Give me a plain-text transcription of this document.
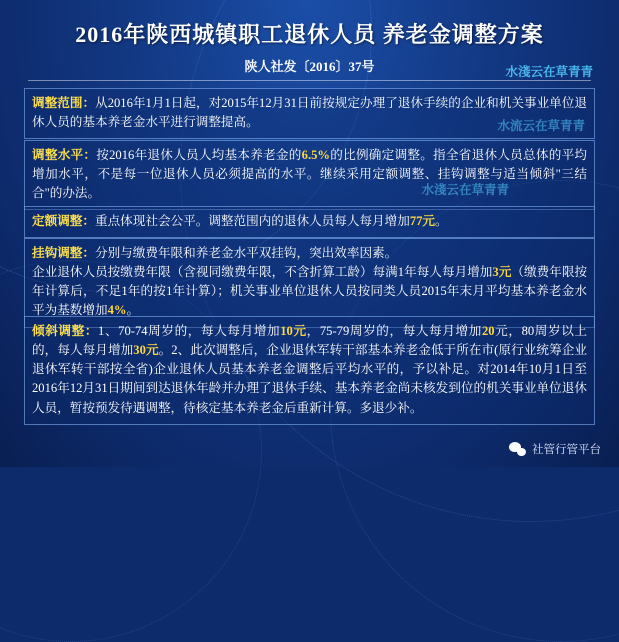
2016年陕西城镇职工退休人员 养老金调整方案
陕人社发〔2016〕37号	水淺云在草青青
水流云在草青青
水淺云在草青青
调整范围：从2016年1月1日起，对2015年12月31日前按规定办理了退休手续的企业和机关事业单位退休人员的基本养老金水平进行调整提高。
调整水平：按2016年退休人员人均基本养老金的6.5%的比例确定调整。指全省退休人员总体的平均增加水平，不是每一位退休人员必须提高的水平。继续采用定额调整、挂钩调整与适当倾斜"三结合"的办法。
定额调整：重点体现社会公平。调整范围内的退休人员每人每月增加77元。
挂钩调整：分别与缴费年限和养老金水平双挂钩，突出效率因素。
企业退休人员按缴费年限（含视同缴费年限，不含折算工龄）每满1年每人每月增加3元（缴费年限按年计算后，不足1年的按1年计算）；机关事业单位退休人员按同类人员2015年末月平均基本养老金水平为基数增加4%。
倾斜调整：1、70-74周岁的，每人每月增加10元，75-79周岁的，每人每月增加20元，80周岁以上的，每人每月增加30元。2、此次调整后，企业退休军转干部基本养老金低于所在市(原行业统筹企业退休军转干部按全省)企业退休人员基本养老金调整后平均水平的，予以补足。对2014年10月1日至2016年12月31日期间到达退休年龄并办理了退休手续、基本养老金尚未核发到位的机关事业单位退休人员，暂按预发待遇调整，待核定基本养老金后重新计算。多退少补。
社管行管平台
